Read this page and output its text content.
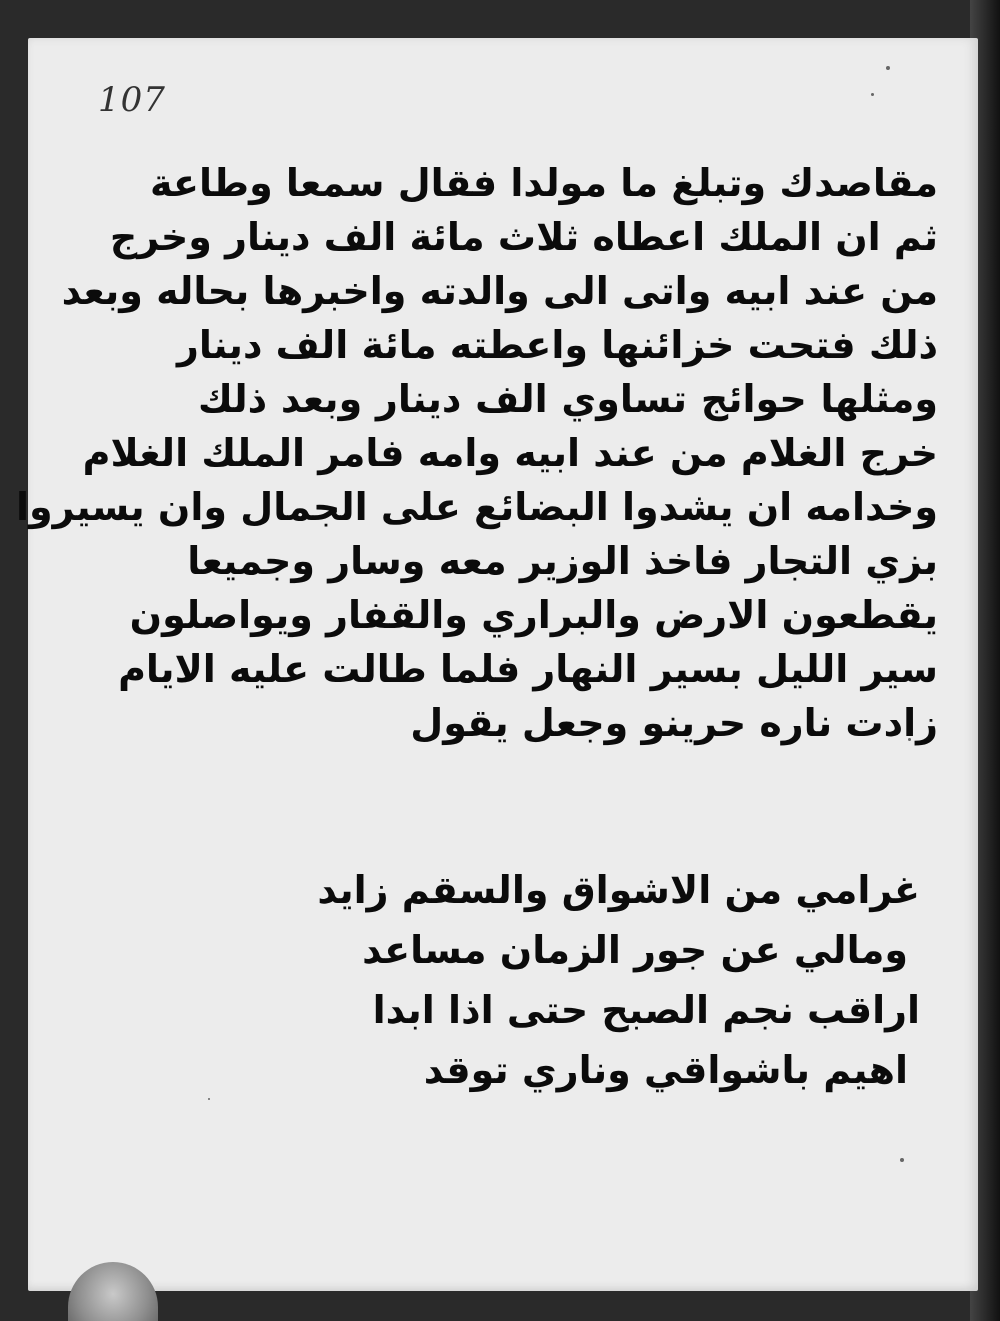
107
مقاصدك وتبلغ ما مولدا فقال سمعا وطاعة
ثم ان الملك اعطاه ثلاث مائة الف دينار وخرج
من عند ابيه واتى الى والدته واخبرها بحاله وبعد
ذلك فتحت خزائنها واعطته مائة الف دينار
ومثلها حوائج تساوي الف دينار وبعد ذلك
خرج الغلام من عند ابيه وامه فامر الملك الغلام
وخدامه ان يشدوا البضائع على الجمال وان يسيروا
بزي التجار فاخذ الوزير معه وسار وجميعا
يقطعون الارض والبراري والقفار ويواصلون
سير الليل بسير النهار فلما طالت عليه الايام
زادت ناره حرينو وجعل يقول
غرامي من الاشواق والسقم زايد
ومالي عن جور الزمان مساعد
اراقب نجم الصبح حتى اذا ابدا
اهيم باشواقي وناري توقد
